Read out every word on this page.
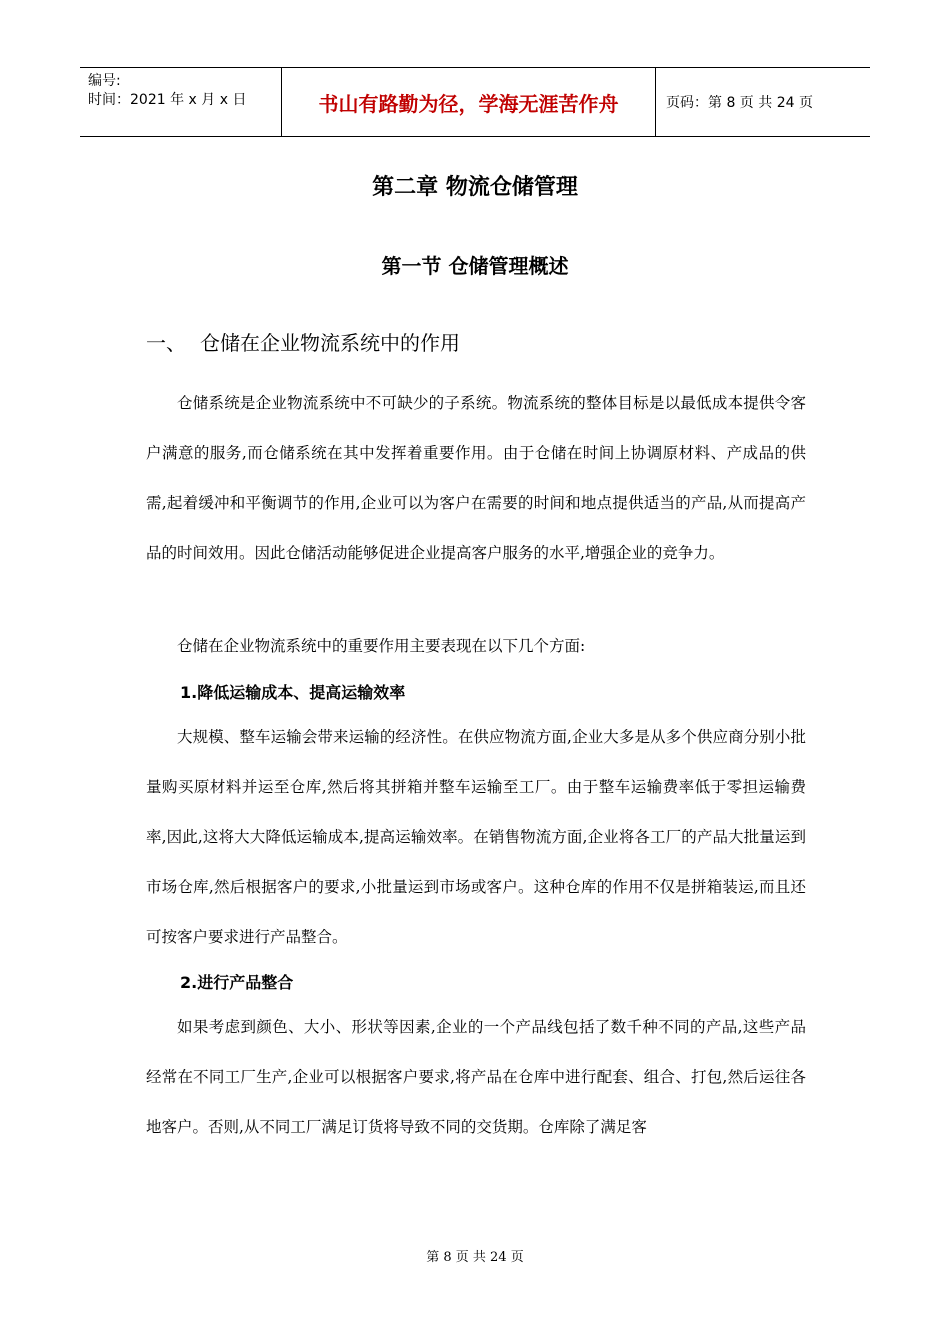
编号:
时间：2021 年 x 月 x 日	书山有路勤为径，学海无涯苦作舟	页码：第 8 页 共 24 页
第二章 物流仓储管理
第一节 仓储管理概述
一、 仓储在企业物流系统中的作用

仓储系统是企业物流系统中不可缺少的子系统。物流系统的整体目标是以最低成本提供令客户满意的服务,而仓储系统在其中发挥着重要作用。由于仓储在时间上协调原材料、产成品的供需,起着缓冲和平衡调节的作用,企业可以为客户在需要的时间和地点提供适当的产品,从而提高产品的时间效用。因此仓储活动能够促进企业提高客户服务的水平,增强企业的竞争力。

仓储在企业物流系统中的重要作用主要表现在以下几个方面:

1.降低运输成本、提高运输效率

大规模、整车运输会带来运输的经济性。在供应物流方面,企业大多是从多个供应商分别小批量购买原材料并运至仓库,然后将其拼箱并整车运输至工厂。由于整车运输费率低于零担运输费率,因此,这将大大降低运输成本,提高运输效率。在销售物流方面,企业将各工厂的产品大批量运到市场仓库,然后根据客户的要求,小批量运到市场或客户。这种仓库的作用不仅是拼箱装运,而且还可按客户要求进行产品整合。

2.进行产品整合

如果考虑到颜色、大小、形状等因素,企业的一个产品线包括了数千种不同的产品,这些产品经常在不同工厂生产,企业可以根据客户要求,将产品在仓库中进行配套、组合、打包,然后运往各地客户。否则,从不同工厂满足订货将导致不同的交货期。仓库除了满足客

第 8 页 共 24 页
